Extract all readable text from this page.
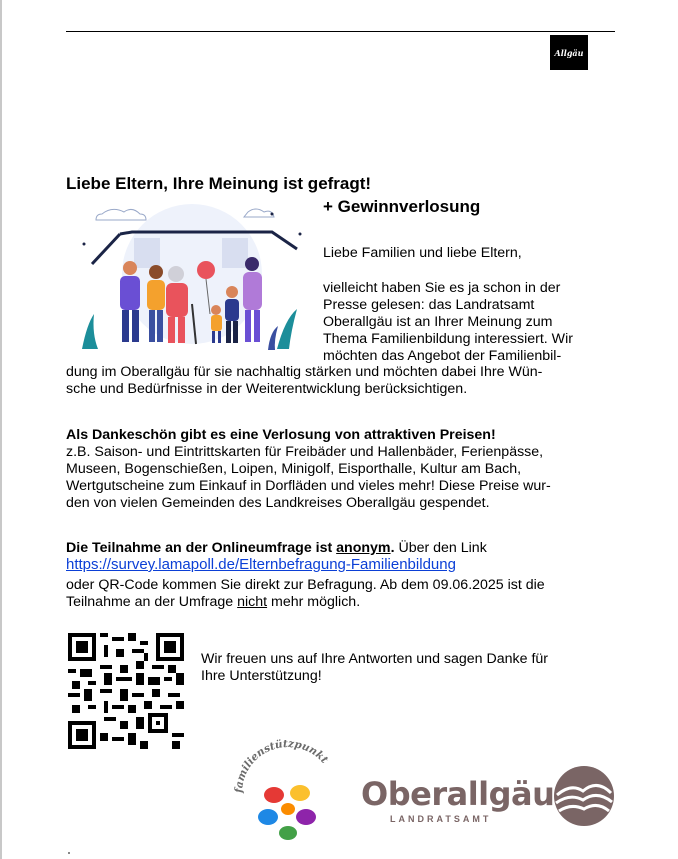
Allgäu
Liebe Eltern, Ihre Meinung ist gefragt!
+ Gewinnverlosung
Liebe Familien und liebe Eltern,
vielleicht haben Sie es ja schon in der
Presse gelesen: das Landratsamt
Oberallgäu ist an Ihrer Meinung zum
Thema Familienbildung interessiert. Wir
möchten das Angebot der Familienbil-
dung im Oberallgäu für sie nachhaltig stärken und möchten dabei Ihre Wün-
sche und Bedürfnisse in der Weiterentwicklung berücksichtigen.
Als Dankeschön gibt es eine Verlosung von attraktiven Preisen!
z.B. Saison- und Eintrittskarten für Freibäder und Hallenbäder, Ferienpässe,
Museen, Bogenschießen, Loipen, Minigolf, Eisporthalle, Kultur am Bach,
Wertgutscheine zum Einkauf in Dorfläden und vieles mehr! Diese Preise wur-
den von vielen Gemeinden des Landkreises Oberallgäu gespendet.
Die Teilnahme an der Onlineumfrage ist anonym. Über den Link
https://survey.lamapoll.de/Elternbefragung-Familienbildung
oder QR-Code kommen Sie direkt zur Befragung. Ab dem 09.06.2025 ist die
Teilnahme an der Umfrage nicht mehr möglich.
Wir freuen uns auf Ihre Antworten und sagen Danke für
Ihre Unterstützung!
familienstützpunkt
Oberallgäu
LANDRATSAMT
